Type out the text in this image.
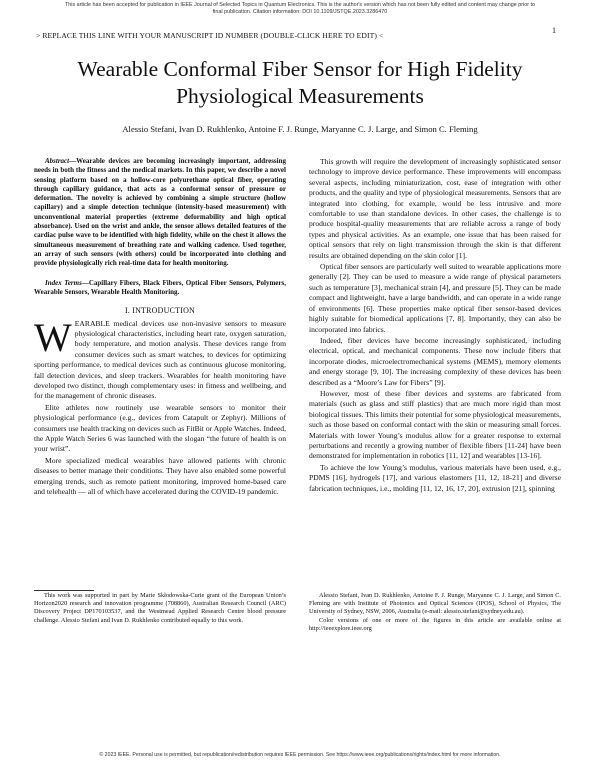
This article has been accepted for publication in IEEE Journal of Selected Topics in Quantum Electronics. This is the author's version which has not been fully edited and content may change prior to final publication. Citation information: DOI 10.1109/JSTQE.2023.3286470
> REPLACE THIS LINE WITH YOUR MANUSCRIPT ID NUMBER (DOUBLE-CLICK HERE TO EDIT) <
1
Wearable Conformal Fiber Sensor for High Fidelity Physiological Measurements
Alessio Stefani, Ivan D. Rukhlenko, Antoine F. J. Runge, Maryanne C. J. Large, and Simon C. Fleming

Abstract—Wearable devices are becoming increasingly important, addressing needs in both the fitness and the medical markets. In this paper, we describe a novel sensing platform based on a hollow-core polyurethane optical fiber, operating through capillary guidance, that acts as a conformal sensor of pressure or deformation. The novelty is achieved by combining a simple structure (hollow capillary) and a simple detection technique (intensity-based measurement) with unconventional material properties (extreme deformability and high optical absorbance). Used on the wrist and ankle, the sensor allows detailed features of the cardiac pulse wave to be identified with high fidelity, while on the chest it allows the simultaneous measurement of breathing rate and walking cadence. Used together, an array of such sensors (with others) could be incorporated into clothing and provide physiologically rich real-time data for health monitoring.

Index Terms—Capillary Fibers, Black Fibers, Optical Fiber Sensors, Polymers, Wearable Sensors, Wearable Health Monitoring.

I. INTRODUCTION

WEARABLE medical devices use non-invasive sensors to measure physiological characteristics, including heart rate, oxygen saturation, body temperature, and motion analysis. These devices range from consumer devices such as smart watches, to devices for optimizing sporting performance, to medical devices such as continuous glucose monitoring, fall detection devices, and sleep trackers. Wearables for health monitoring have developed two distinct, though complementary uses: in fitness and wellbeing, and for the management of chronic diseases.

Elite athletes now routinely use wearable sensors to monitor their physiological performance (e.g., devices from Catapult or Zephyr). Millions of consumers use health tracking on devices such as FitBit or Apple Watches. Indeed, the Apple Watch Series 6 was launched with the slogan “the future of health is on your wrist”.

More specialized medical wearables have allowed patients with chronic diseases to better manage their conditions. They have also enabled some powerful emerging trends, such as remote patient monitoring, improved home-based care and telehealth — all of which have accelerated during the COVID-19 pandemic.

This growth will require the development of increasingly sophisticated sensor technology to improve device performance. These improvements will encompass several aspects, including miniaturization, cost, ease of integration with other products, and the quality and type of physiological measurements. Sensors that are integrated into clothing, for example, would be less intrusive and more comfortable to use than standalone devices. In other cases, the challenge is to produce hospital-quality measurements that are reliable across a range of body types and physical activities. As an example, one issue that has been raised for optical sensors that rely on light transmission through the skin is that different results are obtained depending on the skin color [1].

Optical fiber sensors are particularly well suited to wearable applications more generally [2]. They can be used to measure a wide range of physical parameters such as temperature [3], mechanical strain [4], and pressure [5]. They can be made compact and lightweight, have a large bandwidth, and can operate in a wide range of environments [6]. These properties make optical fiber sensor-based devices highly suitable for biomedical applications [7, 8]. Importantly, they can also be incorporated into fabrics.

Indeed, fiber devices have become increasingly sophisticated, including electrical, optical, and mechanical components. These now include fibers that incorporate diodes, microelectromechanical systems (MEMS), memory elements and energy storage [9, 10]. The increasing complexity of these devices has been described as a “Moore’s Law for Fibers” [9].

However, most of these fiber devices and systems are fabricated from materials (such as glass and stiff plastics) that are much more rigid than most biological tissues. This limits their potential for some physiological measurements, such as those based on conformal contact with the skin or measuring small forces. Materials with lower Young’s modulus allow for a greater response to external perturbations and recently a growing number of flexible fibers [11-24] have been demonstrated for implementation in robotics [11, 12] and wearables [13-16].

To achieve the low Young’s modulus, various materials have been used, e.g., PDMS [16], hydrogels [17], and various elastomers [11, 12, 18-21] and diverse fabrication techniques, i.e., molding [11, 12, 16, 17, 20], extrusion [21], spinning

This work was supported in part by Marie Skłodowska-Curie grant of the European Union’s Horizon2020 research and innovation programme (708860), Australian Research Council (ARC) Discovery Project DP170103537, and the Westmead Applied Research Centre blood pressure challenge. Alessio Stefani and Ivan D. Rukhlenko contributed equally to this work.

Alessio Stefani, Ivan D. Rukhlenko, Antoine F. J. Runge, Maryanne C. J. Large, and Simon C. Fleming are with Institute of Photonics and Optical Sciences (IPOS), School of Physics, The University of Sydney, NSW, 2006, Australia (e-mail: alessio.stefani@sydney.edu.au).

Color versions of one or more of the figures in this article are available online at http://ieeexplore.ieee.org

© 2023 IEEE. Personal use is permitted, but republication/redistribution requires IEEE permission. See https://www.ieee.org/publications/rights/index.html for more information.
